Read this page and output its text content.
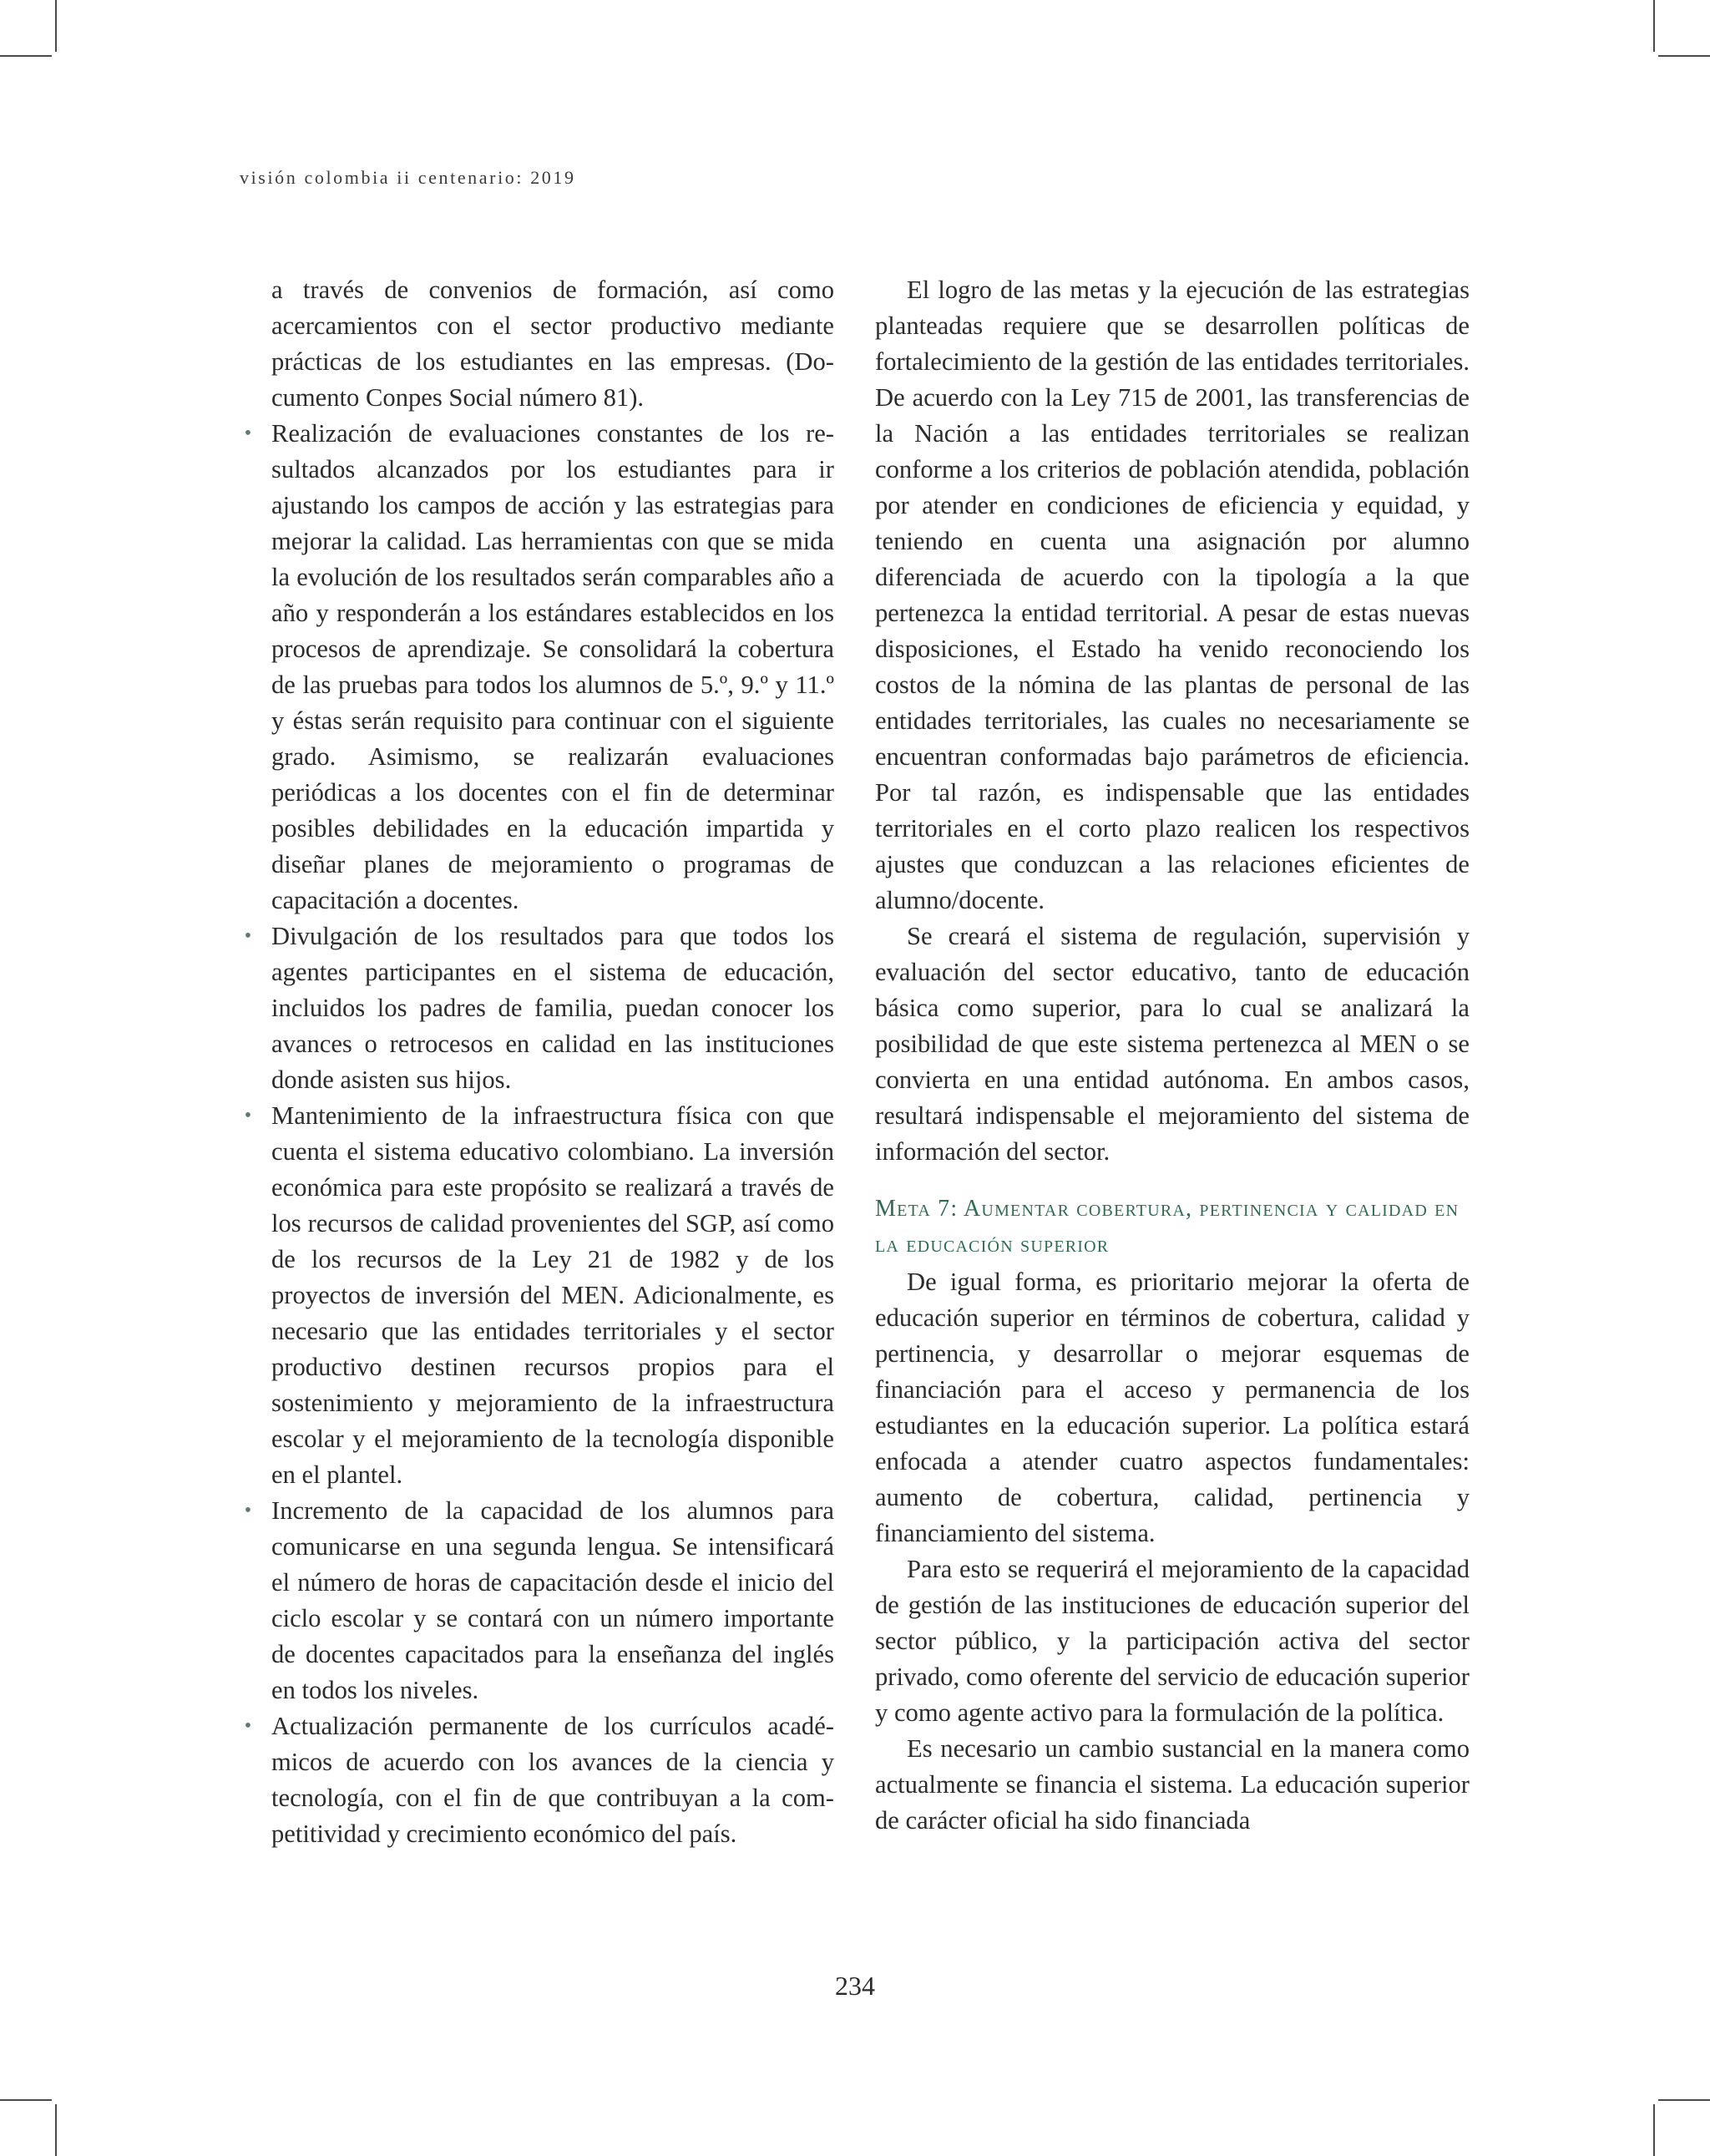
visión colombia ii centenario: 2019

a través de convenios de formación, así como acercamientos con el sector productivo mediante prácticas de los estudiantes en las empresas. (Documento Conpes Social número 81).

• Realización de evaluaciones constantes de los resultados alcanzados por los estudiantes para ir ajustando los campos de acción y las estrategias para mejorar la calidad. Las herramientas con que se mida la evolución de los resultados serán comparables año a año y responderán a los estándares establecidos en los procesos de aprendizaje. Se consolidará la cobertura de las pruebas para todos los alumnos de 5.º, 9.º y 11.º y éstas serán requisito para continuar con el siguiente grado. Asimismo, se realizarán evaluaciones periódicas a los docentes con el fin de determinar posibles debilidades en la educación impartida y diseñar planes de mejoramiento o programas de capacitación a docentes.
• Divulgación de los resultados para que todos los agentes participantes en el sistema de educación, incluidos los padres de familia, puedan conocer los avances o retrocesos en calidad en las instituciones donde asisten sus hijos.
• Mantenimiento de la infraestructura física con que cuenta el sistema educativo colombiano. La inversión económica para este propósito se realizará a través de los recursos de calidad provenientes del SGP, así como de los recursos de la Ley 21 de 1982 y de los proyectos de inversión del MEN. Adicionalmente, es necesario que las entidades territoriales y el sector productivo destinen recursos propios para el sostenimiento y mejoramiento de la infraestructura escolar y el mejoramiento de la tecnología disponible en el plantel.
• Incremento de la capacidad de los alumnos para comunicarse en una segunda lengua. Se intensificará el número de horas de capacitación desde el inicio del ciclo escolar y se contará con un número importante de docentes capacitados para la enseñanza del inglés en todos los niveles.
• Actualización permanente de los currículos académicos de acuerdo con los avances de la ciencia y tecnología, con el fin de que contribuyan a la competitividad y crecimiento económico del país.

El logro de las metas y la ejecución de las estrategias planteadas requiere que se desarrollen políticas de fortalecimiento de la gestión de las entidades territoriales. De acuerdo con la Ley 715 de 2001, las transferencias de la Nación a las entidades territoriales se realizan conforme a los criterios de población atendida, población por atender en condiciones de eficiencia y equidad, y teniendo en cuenta una asignación por alumno diferenciada de acuerdo con la tipología a la que pertenezca la entidad territorial. A pesar de estas nuevas disposiciones, el Estado ha venido reconociendo los costos de la nómina de las plantas de personal de las entidades territoriales, las cuales no necesariamente se encuentran conformadas bajo parámetros de eficiencia. Por tal razón, es indispensable que las entidades territoriales en el corto plazo realicen los respectivos ajustes que conduzcan a las relaciones eficientes de alumno/docente.

Se creará el sistema de regulación, supervisión y evaluación del sector educativo, tanto de educación básica como superior, para lo cual se analizará la posibilidad de que este sistema pertenezca al MEN o se convierta en una entidad autónoma. En ambos casos, resultará indispensable el mejoramiento del sistema de información del sector.

Meta 7: Aumentar cobertura, pertinencia y calidad en la educación superior

De igual forma, es prioritario mejorar la oferta de educación superior en términos de cobertura, calidad y pertinencia, y desarrollar o mejorar esquemas de financiación para el acceso y permanencia de los estudiantes en la educación superior. La política estará enfocada a atender cuatro aspectos fundamentales: aumento de cobertura, calidad, pertinencia y financiamiento del sistema.

Para esto se requerirá el mejoramiento de la capacidad de gestión de las instituciones de educación superior del sector público, y la participación activa del sector privado, como oferente del servicio de educación superior y como agente activo para la formulación de la política.

Es necesario un cambio sustancial en la manera como actualmente se financia el sistema. La educación superior de carácter oficial ha sido financiada

234
